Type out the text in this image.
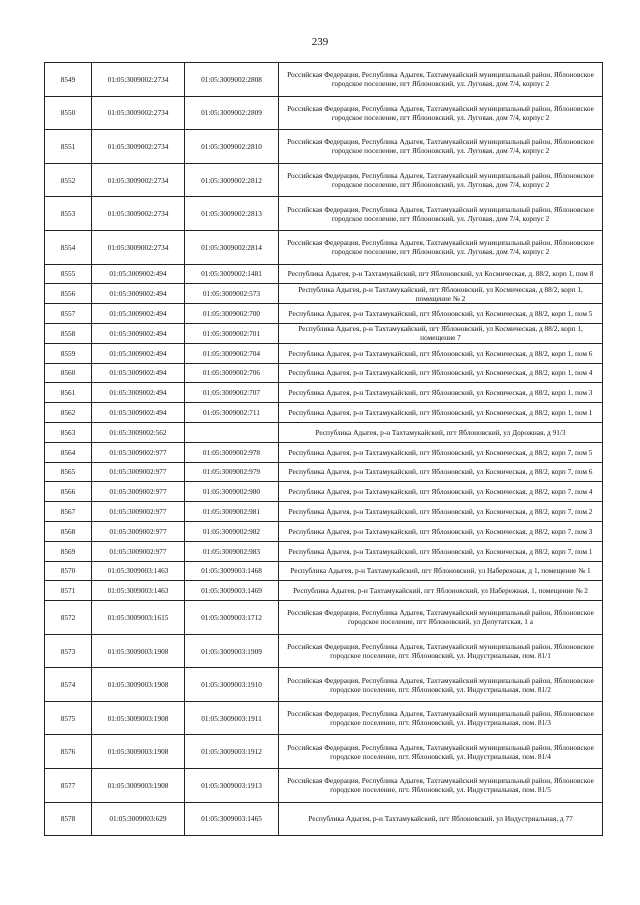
239
8549	01:05:3009002:2734	01:05:3009002:2808	Российская Федерация, Республика Адыгея, Тахтамукайский муниципальный район, Яблоновское городское поселение, пгт Яблоновский, ул. Луговая, дом 7/4, корпус 2
8550	01:05:3009002:2734	01:05:3009002:2809	Российская Федерация, Республика Адыгея, Тахтамукайский муниципальный район, Яблоновское городское поселение, пгт Яблоновский, ул. Луговая, дом 7/4, корпус 2
8551	01:05:3009002:2734	01:05:3009002:2810	Российская Федерация, Республика Адыгея, Тахтамукайский муниципальный район, Яблоновское городское поселение, пгт Яблоновский, ул. Луговая, дом 7/4, корпус 2
8552	01:05:3009002:2734	01:05:3009002:2812	Российская Федерация, Республика Адыгея, Тахтамукайский муниципальный район, Яблоновское городское поселение, пгт Яблоновский, ул. Луговая, дом 7/4, корпус 2
8553	01:05:3009002:2734	01:05:3009002:2813	Российская Федерация, Республика Адыгея, Тахтамукайский муниципальный район, Яблоновское городское поселение, пгт Яблоновский, ул. Луговая, дом 7/4, корпус 2
8554	01:05:3009002:2734	01:05:3009002:2814	Российская Федерация, Республика Адыгея, Тахтамукайский муниципальный район, Яблоновское городское поселение, пгт Яблоновский, ул. Луговая, дом 7/4, корпус 2
8555	01:05:3009002:494	01:05:3009002:1481	Республика Адыгея, р-н Тахтамукайский, пгт Яблоновский, ул Космическая, д. 88/2, корп 1, пом 8
8556	01:05:3009002:494	01:05:3009002:573	Республика Адыгея, р-н Тахтамукайский, пгт Яблоновский, ул Космическая, д 88/2, корп 1, помещение № 2
8557	01:05:3009002:494	01:05:3009002:700	Республика Адыгея, р-н Тахтамукайский, пгт Яблоновский, ул Космическая, д 88/2, корп 1, пом 5
8558	01:05:3009002:494	01:05:3009002:701	Республика Адыгея, р-н Тахтамукайский, пгт Яблоновский, ул Космическая, д 88/2, корп 1, помещение 7
8559	01:05:3009002:494	01:05:3009002:704	Республика Адыгея, р-н Тахтамукайский, пгт Яблоновский, ул Космическая, д 88/2, корп 1, пом 6
8560	01:05:3009002:494	01:05:3009002:706	Республика Адыгея, р-н Тахтамукайский, пгт Яблоновский, ул Космическая, д 88/2, корп 1, пом 4
8561	01:05:3009002:494	01:05:3009002:707	Республика Адыгея, р-н Тахтамукайский, пгт Яблоновский, ул Космическая, д 88/2, корп 1, пом 3
8562	01:05:3009002:494	01:05:3009002:711	Республика Адыгея, р-н Тахтамукайский, пгт Яблоновский, ул Космическая, д 88/2, корп 1, пом 1
8563	01:05:3009002:562		Республика Адыгея, р-н Тахтамукайский, пгт Яблоновский, ул Дорожная, д 91/3
8564	01:05:3009002:977	01:05:3009002:978	Республика Адыгея, р-н Тахтамукайский, пгт Яблоновский, ул Космическая, д 88/2, корп 7, пом 5
8565	01:05:3009002:977	01:05:3009002:979	Республика Адыгея, р-н Тахтамукайский, пгт Яблоновский, ул Космическая, д 88/2, корп 7, пом 6
8566	01:05:3009002:977	01:05:3009002:980	Республика Адыгея, р-н Тахтамукайский, пгт Яблоновский, ул Космическая, д 88/2, корп 7, пом 4
8567	01:05:3009002:977	01:05:3009002:981	Республика Адыгея, р-н Тахтамукайский, пгт Яблоновский, ул Космическая, д 88/2, корп 7, пом 2
8568	01:05:3009002:977	01:05:3009002:982	Республика Адыгея, р-н Тахтамукайский, пгт Яблоновский, ул Космическая, д 88/2, корп 7, пом 3
8569	01:05:3009002:977	01:05:3009002:983	Республика Адыгея, р-н Тахтамукайский, пгт Яблоновский, ул Космическая, д 88/2, корп 7, пом 1
8570	01:05:3009003:1463	01:05:3009003:1468	Республика Адыгея, р-н Тахтамукайский, пгт Яблоновский, ул Набережная, д 1, помещение № 1
8571	01:05:3009003:1463	01:05:3009003:1469	Республика Адыгея, р-н Тахтамукайский, пгт Яблоновский, ул Набережная, 1, помещение № 2
8572	01:05:3009003:1615	01:05:3009003:1712	Российская Федерация, Республика Адыгея, Тахтамукайский муниципальный район, Яблоновское городское поселение, пгт Яблоновский, ул Депутатская, 1 а
8573	01:05:3009003:1908	01:05:3009003:1909	Российская Федерация, Республика Адыгея, Тахтамукайский муниципальный район, Яблоновское городское поселение, пгт. Яблоновский, ул. Индустриальная, пом. 81/1
8574	01:05:3009003:1908	01:05:3009003:1910	Российская Федерация, Республика Адыгея, Тахтамукайский муниципальный район, Яблоновское городское поселение, пгт. Яблоновский, ул. Индустриальная, пом. 81/2
8575	01:05:3009003:1908	01:05:3009003:1911	Российская Федерация, Республика Адыгея, Тахтамукайский муниципальный район, Яблоновское городское поселение, пгт. Яблоновский, ул. Индустриальная, пом. 81/3
8576	01:05:3009003:1908	01:05:3009003:1912	Российская Федерация, Республика Адыгея, Тахтамукайский муниципальный район, Яблоновское городское поселение, пгт. Яблоновский, ул. Индустриальная, пом. 81/4
8577	01:05:3009003:1908	01:05:3009003:1913	Российская Федерация, Республика Адыгея, Тахтамукайский муниципальный район, Яблоновское городское поселение, пгт. Яблоновский, ул. Индустриальная, пом. 81/5
8578	01:05:3009003:629	01:05:3009003:1465	Республика Адыгея, р-н Тахтамукайский, пгт Яблоновский, ул Индустриальная, д 77
